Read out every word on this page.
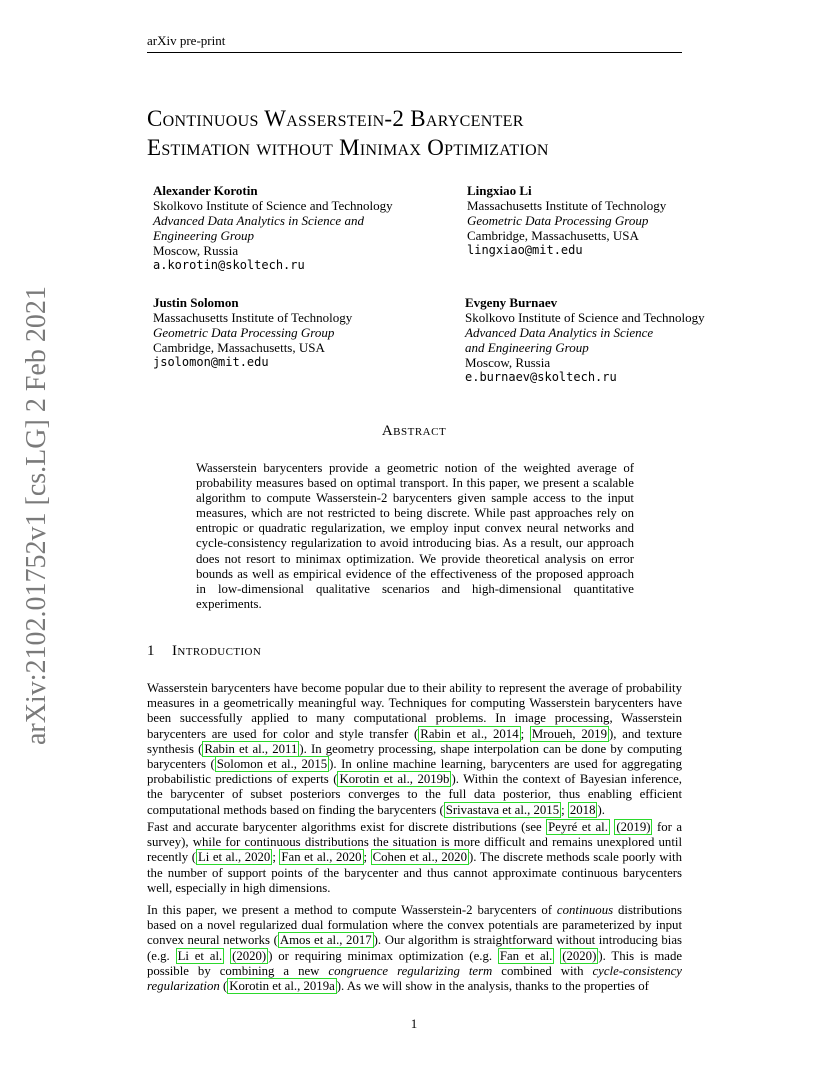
arXiv pre-print
arXiv:2102.01752v1 [cs.LG] 2 Feb 2021
Continuous Wasserstein-2 Barycenter
Estimation without Minimax Optimization
Alexander Korotin
Skolkovo Institute of Science and Technology
Advanced Data Analytics in Science and
Engineering Group
Moscow, Russia
a.korotin@skoltech.ru
Lingxiao Li
Massachusetts Institute of Technology
Geometric Data Processing Group
Cambridge, Massachusetts, USA
lingxiao@mit.edu
Justin Solomon
Massachusetts Institute of Technology
Geometric Data Processing Group
Cambridge, Massachusetts, USA
jsolomon@mit.edu
Evgeny Burnaev
Skolkovo Institute of Science and Technology
Advanced Data Analytics in Science
and Engineering Group
Moscow, Russia
e.burnaev@skoltech.ru
Abstract
Wasserstein barycenters provide a geometric notion of the weighted average of probability measures based on optimal transport. In this paper, we present a scalable algorithm to compute Wasserstein-2 barycenters given sample access to the input measures, which are not restricted to being discrete. While past approaches rely on entropic or quadratic regularization, we employ input convex neural networks and cycle-consistency regularization to avoid introducing bias. As a result, our approach does not resort to minimax optimization. We provide theoretical analysis on error bounds as well as empirical evidence of the effectiveness of the proposed approach in low-dimensional qualitative scenarios and high-dimensional quantitative experiments.
1 Introduction
Wasserstein barycenters have become popular due to their ability to represent the average of probability measures in a geometrically meaningful way. Techniques for computing Wasserstein barycenters have been successfully applied to many computational problems. In image processing, Wasserstein barycenters are used for color and style transfer ( Rabin et al., 2014 ; Mroueh, 2019 ), and texture synthesis ( Rabin et al., 2011 ). In geometry processing, shape interpolation can be done by computing barycenters ( Solomon et al., 2015 ). In online machine learning, barycenters are used for aggregating probabilistic predictions of experts ( Korotin et al., 2019b ). Within the context of Bayesian inference, the barycenter of subset posteriors converges to the full data posterior, thus enabling efficient computational methods based on finding the barycenters ( Srivastava et al., 2015 ; 2018 ).
Fast and accurate barycenter algorithms exist for discrete distributions (see Peyré et al. (2019) for a survey), while for continuous distributions the situation is more difficult and remains unexplored until recently ( Li et al., 2020 ; Fan et al., 2020 ; Cohen et al., 2020 ). The discrete methods scale poorly with the number of support points of the barycenter and thus cannot approximate continuous barycenters well, especially in high dimensions.
In this paper, we present a method to compute Wasserstein-2 barycenters of continuous distributions based on a novel regularized dual formulation where the convex potentials are parameterized by input convex neural networks ( Amos et al., 2017 ). Our algorithm is straightforward without introducing bias (e.g. Li et al. (2020) ) or requiring minimax optimization (e.g. Fan et al. (2020) ). This is made possible by combining a new congruence regularizing term combined with cycle-consistency regularization ( Korotin et al., 2019a ). As we will show in the analysis, thanks to the properties of
1
